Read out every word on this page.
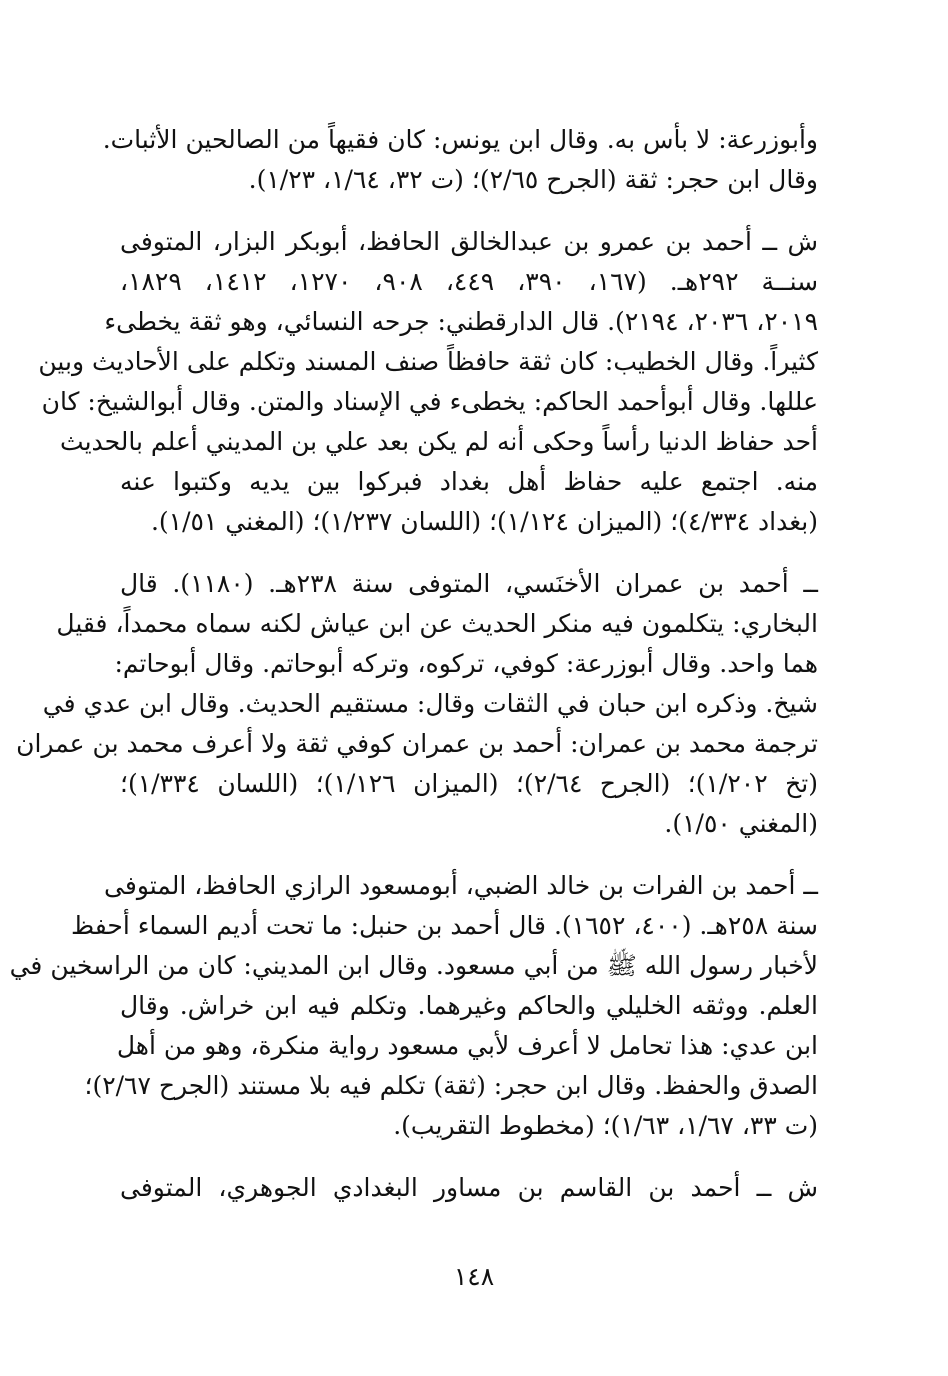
وأبوزرعة: لا بأس به. وقال ابن يونس: كان فقيهاً من الصالحين الأثبات.
وقال ابن حجر: ثقة (الجرح ٢/٦٥)؛ (ت ٣٢، ١/٦٤، ١/٢٣).
ش ــ أحمد بن عمرو بن عبدالخالق الحافظ، أبوبكر البزار، المتوفى
سنــة ٢٩٢هـ. (١٦٧، ٣٩٠، ٤٤٩، ٩٠٨، ١٢٧٠، ١٤١٢، ١٨٢٩،
٢٠١٩، ٢٠٣٦، ٢١٩٤). قال الدارقطني: جرحه النسائي، وهو ثقة يخطىء
كثيراً. وقال الخطيب: كان ثقة حافظاً صنف المسند وتكلم على الأحاديث وبين
عللها. وقال أبوأحمد الحاكم: يخطىء في الإسناد والمتن. وقال أبوالشيخ: كان
أحد حفاظ الدنيا رأساً وحكى أنه لم يكن بعد علي بن المديني أعلم بالحديث
منه. اجتمع عليه حفاظ أهل بغداد فبركوا بين يديه وكتبوا عنه
(بغداد ٤/٣٣٤)؛ (الميزان ١/١٢٤)؛ (اللسان ١/٢٣٧)؛ (المغني ١/٥١).
ــ أحمد بن عمران الأخنَسي، المتوفى سنة ٢٣٨هـ. (١١٨٠). قال
البخاري: يتكلمون فيه منكر الحديث عن ابن عياش لكنه سماه محمداً، فقيل
هما واحد. وقال أبوزرعة: كوفي، تركوه، وتركه أبوحاتم. وقال أبوحاتم:
شيخ. وذكره ابن حبان في الثقات وقال: مستقيم الحديث. وقال ابن عدي في
ترجمة محمد بن عمران: أحمد بن عمران كوفي ثقة ولا أعرف محمد بن عمران
(تخ ١/٢٠٢)؛ (الجرح ٢/٦٤)؛ (الميزان ١/١٢٦)؛ (اللسان ١/٣٣٤)؛
(المغني ١/٥٠).
ــ أحمد بن الفرات بن خالد الضبي، أبومسعود الرازي الحافظ، المتوفى
سنة ٢٥٨هـ. (٤٠٠، ١٦٥٢). قال أحمد بن حنبل: ما تحت أديم السماء أحفظ
لأخبار رسول الله ﷺ من أبي مسعود. وقال ابن المديني: كان من الراسخين في
العلم. ووثقه الخليلي والحاكم وغيرهما. وتكلم فيه ابن خراش. وقال
ابن عدي: هذا تحامل لا أعرف لأبي مسعود رواية منكرة، وهو من أهل
الصدق والحفظ. وقال ابن حجر: (ثقة) تكلم فيه بلا مستند (الجرح ٢/٦٧)؛
(ت ٣٣، ١/٦٧، ١/٦٣)؛ (مخطوط التقريب).
ش ــ أحمد بن القاسم بن مساور البغدادي الجوهري، المتوفى
١٤٨
